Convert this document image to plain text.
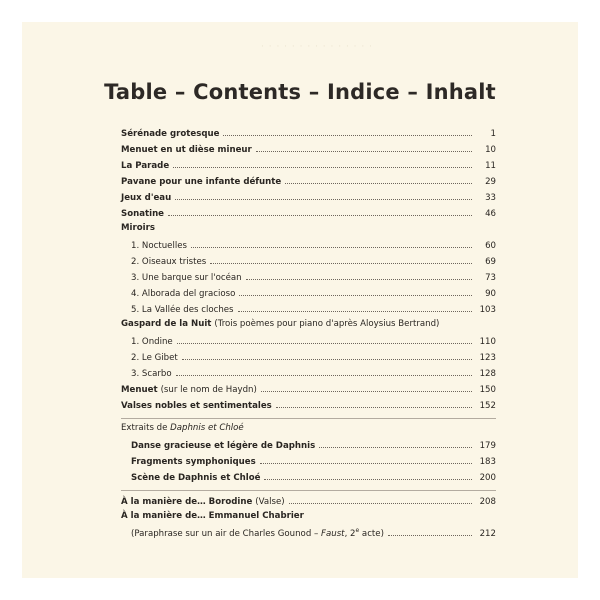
· · · · · · · · · · · · · · ·
Table – Contents – Indice – Inhalt
Sérénade grotesque	1
Menuet en ut dièse mineur	10
La Parade	11
Pavane pour une infante défunte	29
Jeux d'eau	33
Sonatine	46
Miroirs
1. Noctuelles	60
2. Oiseaux tristes	69
3. Une barque sur l'océan	73
4. Alborada del gracioso	90
5. La Vallée des cloches	103
Gaspard de la Nuit (Trois poèmes pour piano d'après Aloysius Bertrand)
1. Ondine	110
2. Le Gibet	123
3. Scarbo	128
Menuet (sur le nom de Haydn)	150
Valses nobles et sentimentales	152
Extraits de Daphnis et Chloé
Danse gracieuse et légère de Daphnis	179
Fragments symphoniques	183
Scène de Daphnis et Chloé	200
À la manière de… Borodine (Valse)	208
À la manière de… Emmanuel Chabrier
(Paraphrase sur un air de Charles Gounod – Faust, 2e acte)	212
